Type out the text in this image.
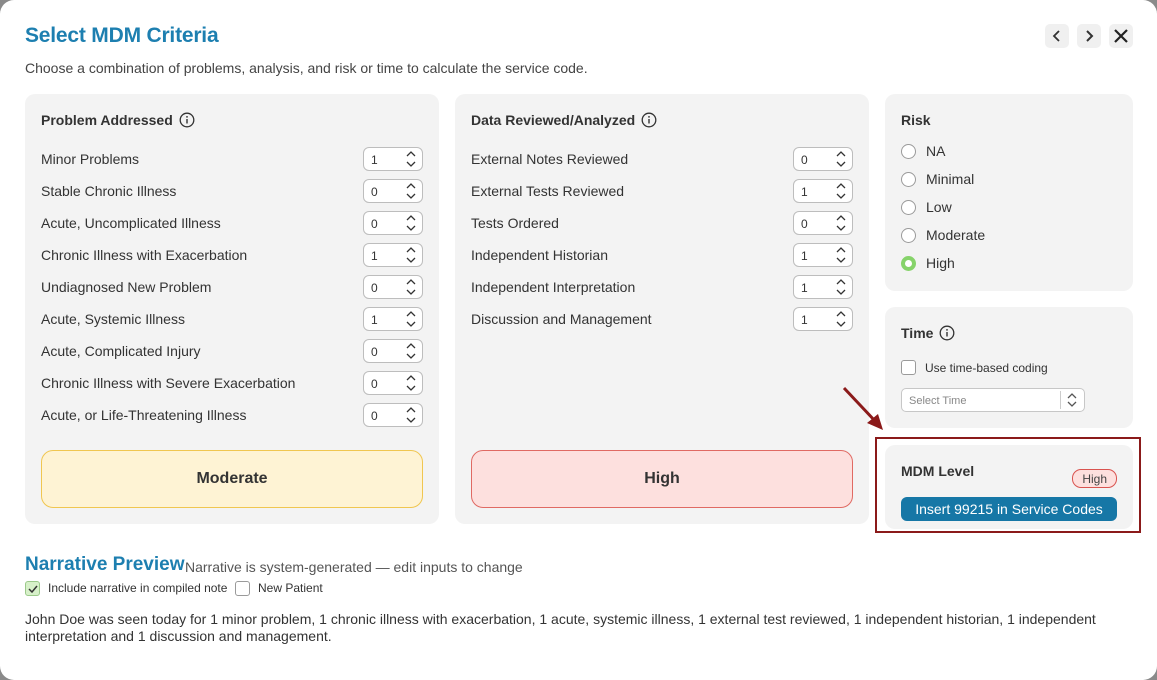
Select MDM Criteria
Choose a combination of problems, analysis, and risk or time to calculate the service code.
Problem Addressed
Minor Problems	1
Stable Chronic Illness	0
Acute, Uncomplicated Illness	0
Chronic Illness with Exacerbation	1
Undiagnosed New Problem	0
Acute, Systemic Illness	1
Acute, Complicated Injury	0
Chronic Illness with Severe Exacerbation	0
Acute, or Life-Threatening Illness	0
Moderate
Data Reviewed/Analyzed
External Notes Reviewed	0
External Tests Reviewed	1
Tests Ordered	0
Independent Historian	1
Independent Interpretation	1
Discussion and Management	1
High
Risk
NA
Minimal
Low
Moderate
High
Time
Use time-based coding
Select Time
MDM Level	High
Insert 99215 in Service Codes
Narrative Preview Narrative is system-generated — edit inputs to change
Include narrative in compiled note	New Patient
John Doe was seen today for 1 minor problem, 1 chronic illness with exacerbation, 1 acute, systemic illness, 1 external test reviewed, 1 independent historian, 1 independent interpretation and 1 discussion and management.
